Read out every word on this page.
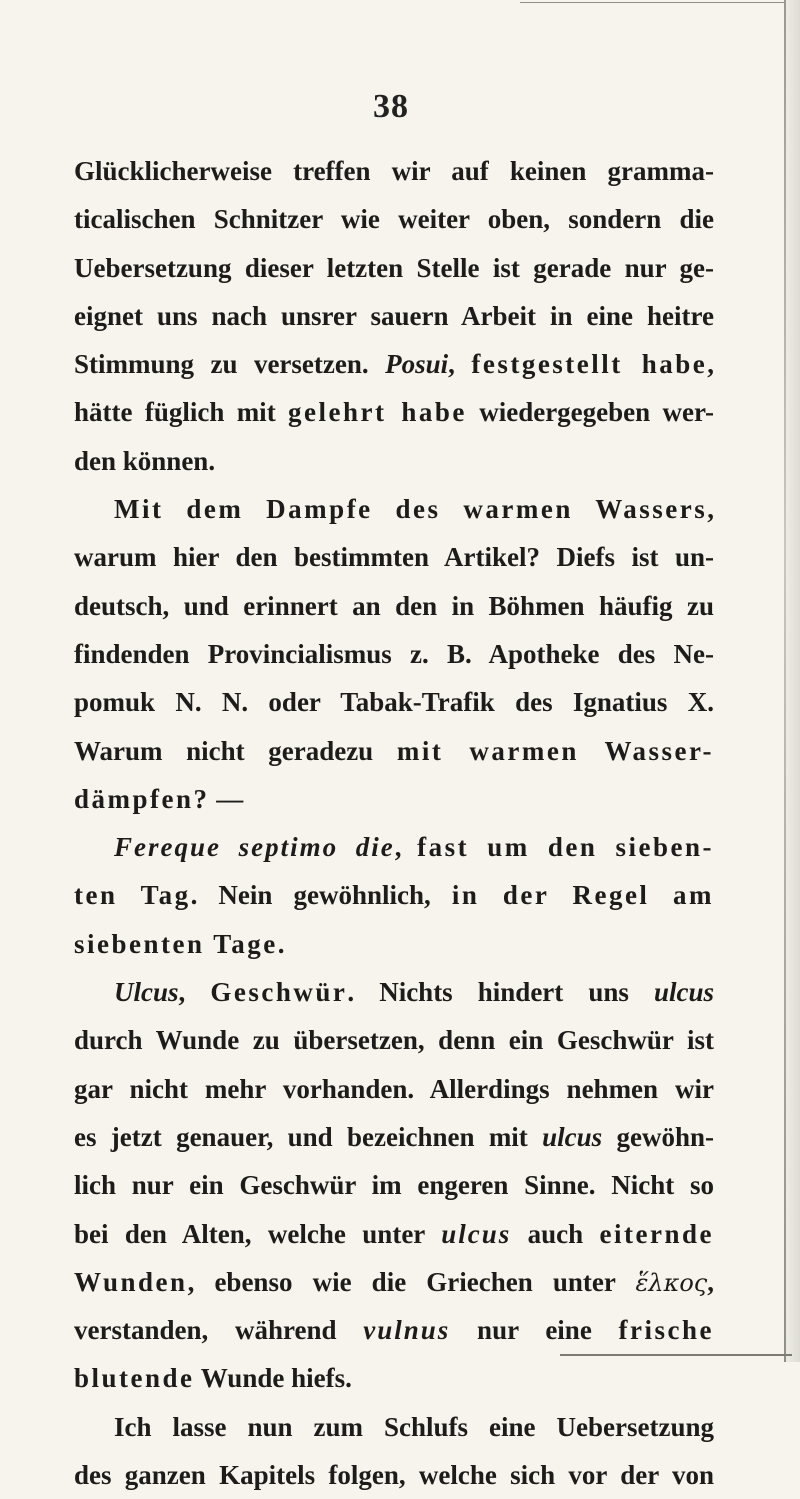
38
Glücklicherweise treffen wir auf keinen gramma-
ticalischen Schnitzer wie weiter oben, sondern die
Uebersetzung dieser letzten Stelle ist gerade nur ge-
eignet uns nach unsrer sauern Arbeit in eine heitre
Stimmung zu versetzen. Posui, festgestellt habe,
hätte füglich mit gelehrt habe wiedergegeben wer-
den können.
Mit dem Dampfe des warmen Wassers,
warum hier den bestimmten Artikel? Diefs ist un-
deutsch, und erinnert an den in Böhmen häufig zu
findenden Provincialismus z. B. Apotheke des Ne-
pomuk N. N. oder Tabak-Trafik des Ignatius X.
Warum nicht geradezu mit warmen Wasser-
dämpfen? —
Fereque septimo die, fast um den sieben-
ten Tag. Nein gewöhnlich, in der Regel am
siebenten Tage.
Ulcus, Geschwür. Nichts hindert uns ulcus
durch Wunde zu übersetzen, denn ein Geschwür ist
gar nicht mehr vorhanden. Allerdings nehmen wir
es jetzt genauer, und bezeichnen mit ulcus gewöhn-
lich nur ein Geschwür im engeren Sinne. Nicht so
bei den Alten, welche unter ulcus auch eiternde
Wunden, ebenso wie die Griechen unter ἕλκος,
verstanden, während vulnus nur eine frische
blutende Wunde hiefs.
Ich lasse nun zum Schlufs eine Uebersetzung
des ganzen Kapitels folgen, welche sich vor der von
